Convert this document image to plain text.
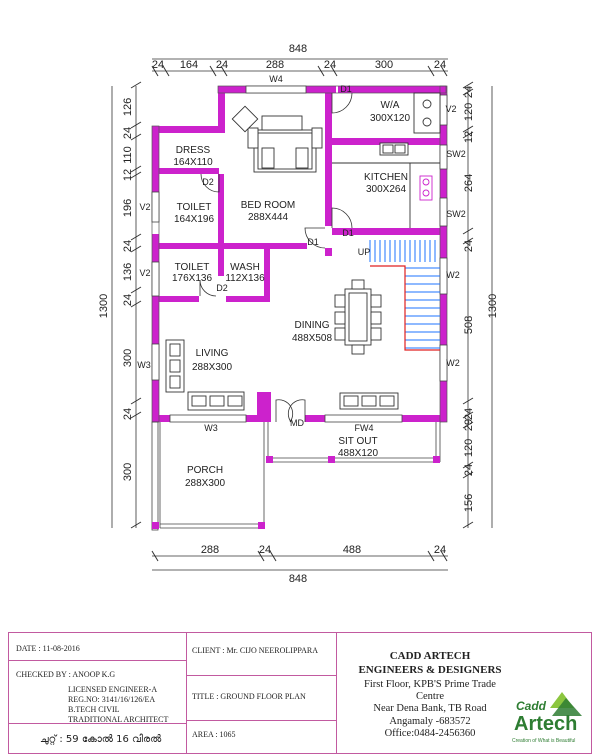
848
24 164 24	288	24	300	24
288	24	488	24
848
1300
126
24
110
12
196
24
136
24
300
24
300
1300
24
120
12
264
24
508
24
29
120
24
156
DRESS
164X110
TOILET
164X196
TOILET
176X136
WASH
112X136
BED ROOM
288X444
W/A
300X120
KITCHEN
300X264
DINING
488X508
LIVING
288X300
SIT OUT
488X120
PORCH
288X300
W4
D1
D1
D1
D2
D2
V2
V2
V2
SW2
SW2
W2
W2
W3
W3	MD	FW4
UP
DATE : 11-08-2016
CHECKED BY : ANOOP K.G
LICENSED ENGINEER-A
REG.NO: 3141/16/126/EA
B.TECH CIVIL
TRADITIONAL ARCHITECT
ചുറ്റ് : 59 കോൽ 16 വിരൽ
CLIENT : Mr. CIJO NEEROLIPPARA
TITLE : GROUND FLOOR PLAN
AREA : 1065
CADD ARTECH
ENGINEERS & DESIGNERS
First Floor, KPB'S Prime Trade
Centre
Near Dena Bank, TB Road
Angamaly -683572
Office:0484-2456360
Cadd
Artech
Creation of What is Beautiful
